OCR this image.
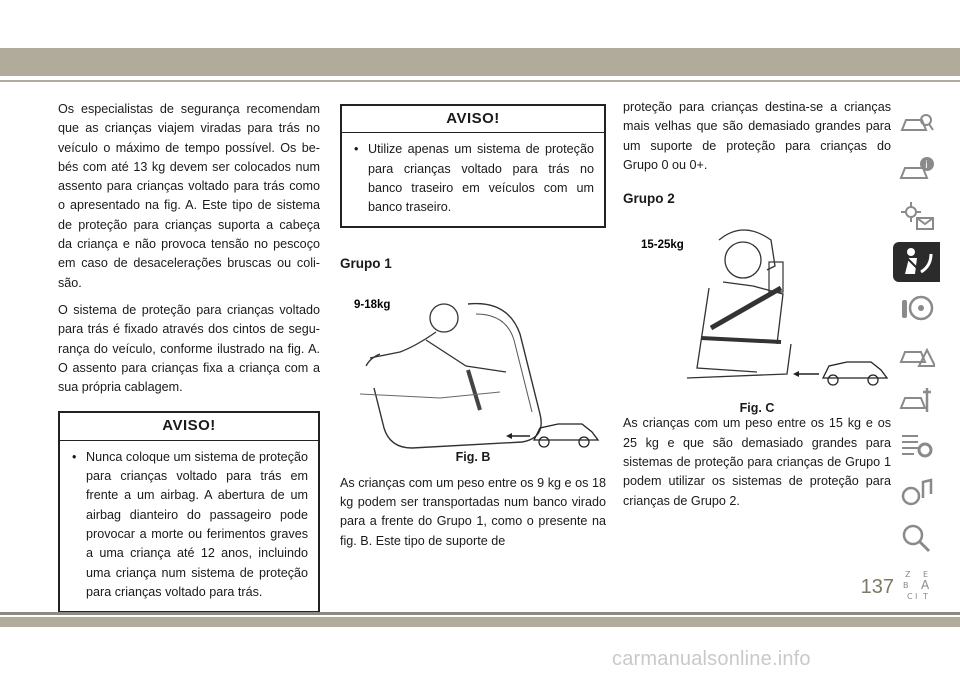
Os especialistas de segurança recomendam que as crianças viajem viradas para trás no veículo o máximo de tempo possível. Os be-bés com até 13 kg devem ser colocados num assento para crianças voltado para trás como o apresentado na fig. A. Este tipo de sistema de proteção para crianças suporta a cabeça da criança e não provoca tensão no pescoço em caso de desacelerações bruscas ou coli-são.

O sistema de proteção para crianças voltado para trás é fixado através dos cintos de segu-rança do veículo, conforme ilustrado na fig. A. O assento para crianças fixa a criança com a sua própria cablagem.

AVISO!
• Nunca coloque um sistema de proteção para crianças voltado para trás em frente a um airbag. A abertura de um airbag dianteiro do passageiro pode provocar a morte ou ferimentos graves a uma criança até 12 anos, incluindo uma criança num sistema de proteção para crianças voltado para trás.
AVISO!
• Utilize apenas um sistema de proteção para crianças voltado para trás no banco traseiro em veículos com um banco traseiro.
Grupo 1
9-18kg
Fig. B

As crianças com um peso entre os 9 kg e os 18 kg podem ser transportadas num banco virado para a frente do Grupo 1, como o presente na fig. B. Este tipo de suporte de

proteção para crianças destina-se a crianças mais velhas que são demasiado grandes para um suporte de proteção para crianças do Grupo 0 ou 0+.

Grupo 2
15-25kg
Fig. C

As crianças com um peso entre os 15 kg e os 25 kg e que são demasiado grandes para sistemas de proteção para crianças de Grupo 1 podem utilizar os sistemas de proteção para crianças de Grupo 2.

i
Z E
B A
C I T
137
carmanualsonline.info
